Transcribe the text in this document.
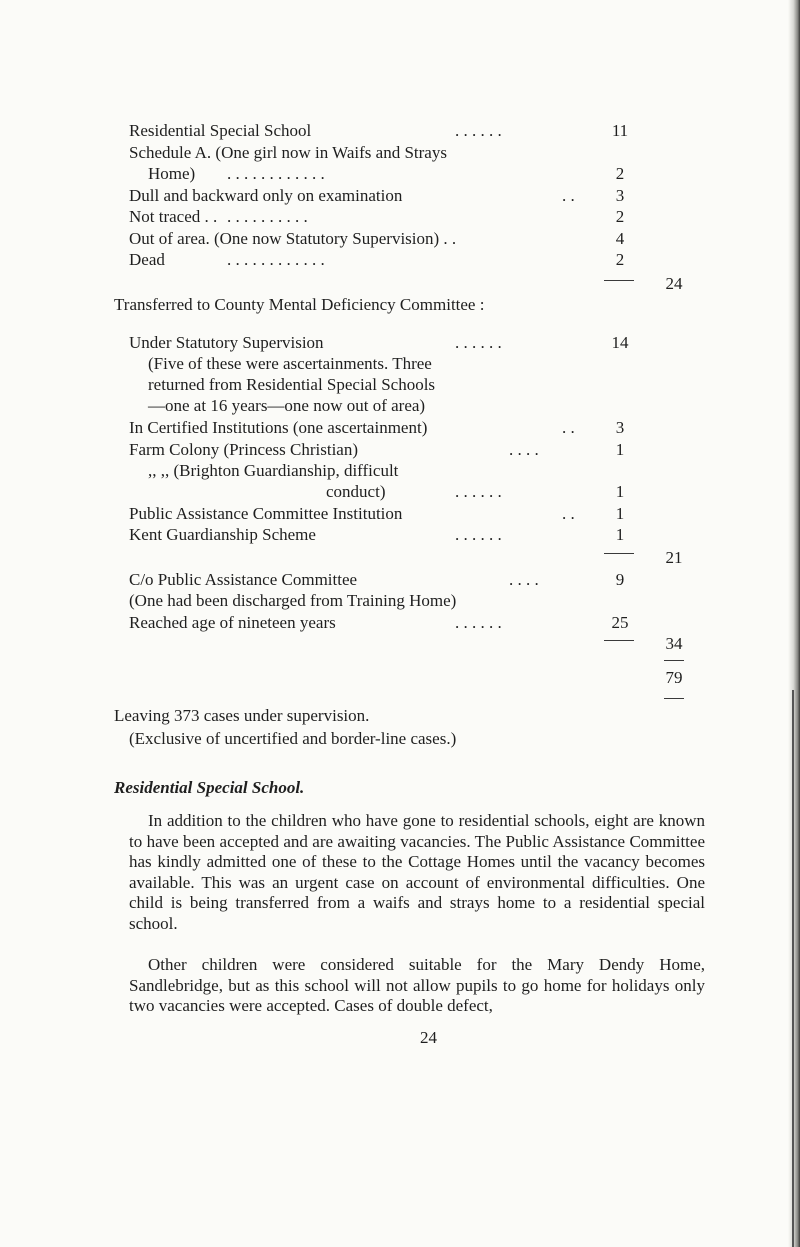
Residential Special School	. . . . . .	11
Schedule A. (One girl now in Waifs and Strays
Home) . . . . . . . . . . . .	2
Dull and backward only on examination	. .	3
Not traced . . . . . . . . . . . .	2
Out of area. (One now Statutory Supervision) . .	4
Dead	. . . . . . . . . . . .	2
24
Transferred to County Mental Deficiency Committee :
Under Statutory Supervision	. . . . . .	14
(Five of these were ascertainments. Three
returned from Residential Special Schools
—one at 16 years—one now out of area)
In Certified Institutions (one ascertainment)	. .	3
Farm Colony (Princess Christian)	. . . .	1
,, ,, (Brighton Guardianship, difficult
conduct)	. . . . . .	1
Public Assistance Committee Institution	. .	1
Kent Guardianship Scheme	. . . . . .	1
21
C/o Public Assistance Committee	. . . .	9
(One had been discharged from Training Home)
Reached age of nineteen years	. . . . . .	25
34
79
Leaving 373 cases under supervision.
(Exclusive of uncertified and border-line cases.)
Residential Special School.
In addition to the children who have gone to residential schools, eight are known to have been accepted and are awaiting vacancies. The Public Assistance Committee has kindly admitted one of these to the Cottage Homes until the vacancy becomes available. This was an urgent case on account of environmental difficulties. One child is being transferred from a waifs and strays home to a residential special school.
Other children were considered suitable for the Mary Dendy Home, Sandlebridge, but as this school will not allow pupils to go home for holidays only two vacancies were accepted. Cases of double defect,
24
